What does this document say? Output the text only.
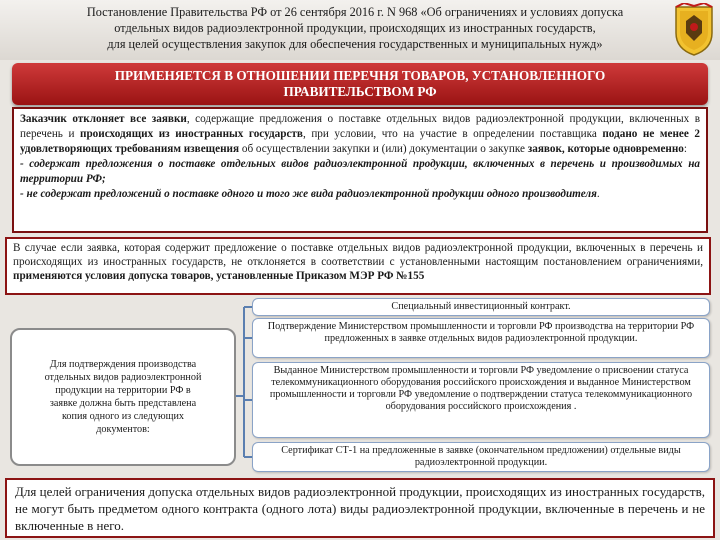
Постановление Правительства РФ от 26 сентября 2016 г. N 968 «Об ограничениях и условиях допуска
отдельных видов радиоэлектронной продукции, происходящих из иностранных государств,
для целей осуществления закупок для обеспечения государственных и муниципальных нужд»
ПРИМЕНЯЕТСЯ В ОТНОШЕНИИ ПЕРЕЧНЯ ТОВАРОВ, УСТАНОВЛЕННОГО ПРАВИТЕЛЬСТВОМ РФ

Заказчик отклоняет все заявки, содержащие предложения о поставке отдельных видов радиоэлектронной продукции, включенных в перечень и происходящих из иностранных государств, при условии, что на участие в определении поставщика подано не менее 2 удовлетворяющих требованиям извещения об осуществлении закупки и (или) документации о закупке заявок, которые одновременно:

- содержат предложения о поставке отдельных видов радиоэлектронной продукции, включенных в перечень и производимых на территории РФ;

- не содержат предложений о поставке одного и того же вида радиоэлектронной продукции одного производителя.

В случае если заявка, которая содержит предложение о поставке отдельных видов радиоэлектронной продукции, включенных в перечень и происходящих из иностранных государств, не отклоняется в соответствии с установленными настоящим постановлением ограничениями, применяются условия допуска товаров, установленные Приказом МЭР РФ №155
Для подтверждения производства отдельных видов радиоэлектронной продукции на территории РФ в заявке должна быть представлена копия одного из следующих документов:
Специальный инвестиционный контракт.
Подтверждение Министерством промышленности и торговли РФ производства на территории РФ предложенных в заявке отдельных видов радиоэлектронной продукции.
Выданное Министерством промышленности и торговли РФ уведомление о присвоении статуса телекоммуникационного оборудования российского происхождения и выданное Министерством промышленности и торговли РФ уведомление о подтверждении статуса телекоммуникационного оборудования российского происхождения .
Сертификат СТ-1 на предложенные в заявке (окончательном предложении) отдельные виды радиоэлектронной продукции.
Для целей ограничения допуска отдельных видов радиоэлектронной продукции, происходящих из иностранных государств, не могут быть предметом одного контракта (одного лота) виды радиоэлектронной продукции, включенные в перечень и не включенные в него.
